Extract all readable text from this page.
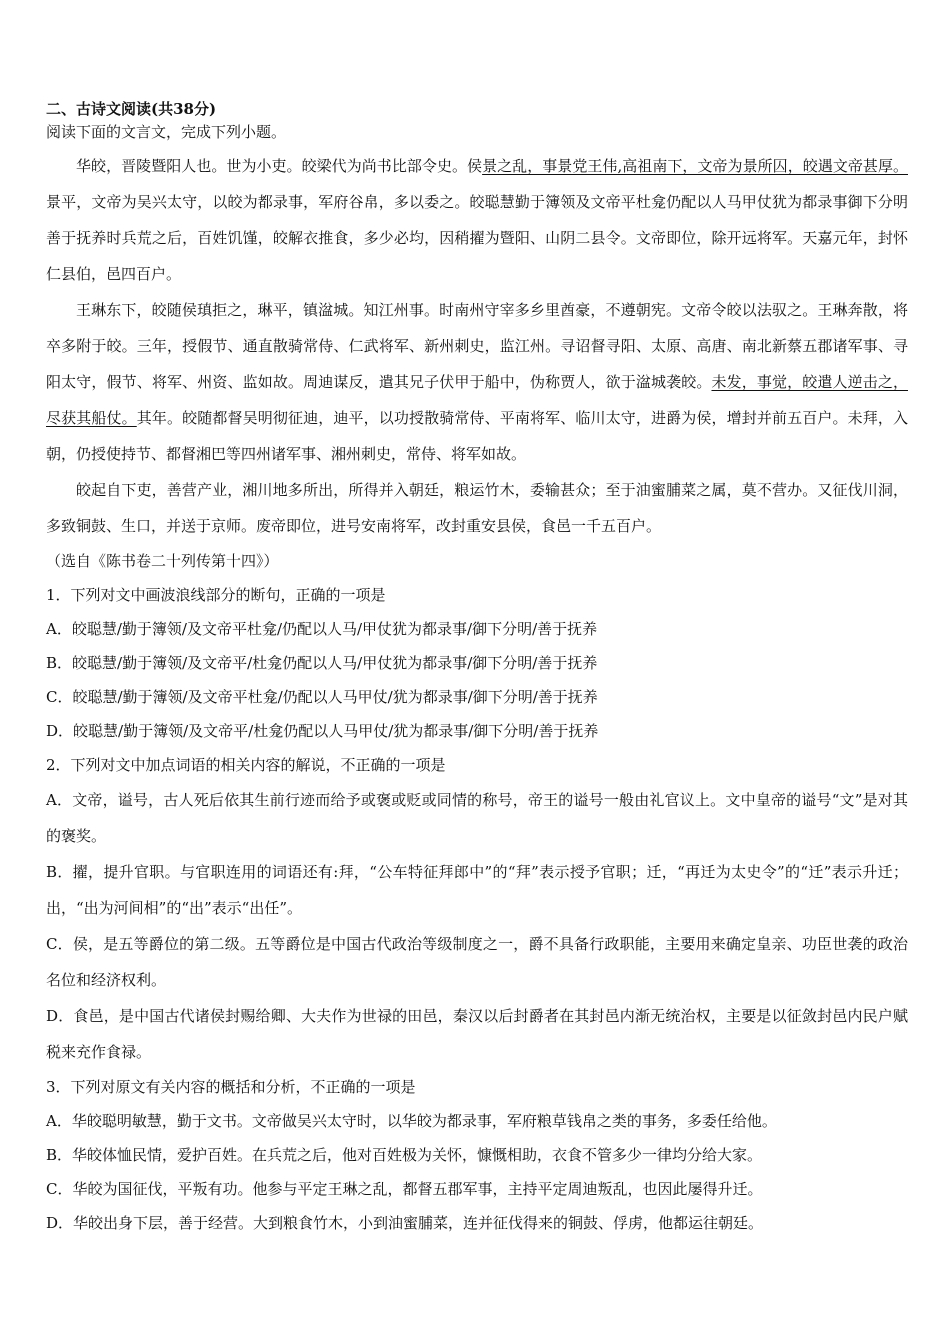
二、古诗文阅读(共38分)

阅读下面的文言文，完成下列小题。

华皎，晋陵暨阳人也。世为小吏。皎梁代为尚书比部令史。侯景之乱，事景党王伟,高祖南下，文帝为景所囚，皎遇文帝甚厚。景平，文帝为吴兴太守，以皎为都录事，军府谷帛，多以委之。皎聪慧勤于簿领及文帝平杜龛仍配以人马甲仗犹为都录事御下分明善于抚养时兵荒之后，百姓饥馑，皎解衣推食，多少必均，因稍擢为暨阳、山阴二县令。文帝即位，除开远将军。天嘉元年，封怀仁县伯，邑四百户。

王琳东下，皎随侯瑱拒之，琳平，镇湓城。知江州事。时南州守宰多乡里酋豪，不遵朝宪。文帝令皎以法驭之。王琳奔散，将卒多附于皎。三年，授假节、通直散骑常侍、仁武将军、新州刺史，监江州。寻诏督寻阳、太原、高唐、南北新蔡五郡诸军事、寻阳太守，假节、将军、州资、监如故。周迪谋反，遣其兄子伏甲于船中，伪称贾人，欲于湓城袭皎。未发，事觉，皎遣人逆击之，尽获其船仗。其年。皎随都督吴明彻征迪，迪平，以功授散骑常侍、平南将军、临川太守，进爵为侯，增封并前五百户。未拜，入朝，仍授使持节、都督湘巴等四州诸军事、湘州刺史，常侍、将军如故。

皎起自下吏，善营产业，湘川地多所出，所得并入朝廷，粮运竹木，委输甚众；至于油蜜脯菜之属，莫不营办。又征伐川洞，多致铜鼓、生口，并送于京师。废帝即位，进号安南将军，改封重安县侯，食邑一千五百户。

（选自《陈书卷二十列传第十四》）

1．下列对文中画波浪线部分的断句，正确的一项是

A．皎聪慧/勤于簿领/及文帝平杜龛/仍配以人马/甲仗犹为都录事/御下分明/善于抚养

B．皎聪慧/勤于簿领/及文帝平/杜龛仍配以人马/甲仗犹为都录事/御下分明/善于抚养

C．皎聪慧/勤于簿领/及文帝平杜龛/仍配以人马甲仗/犹为都录事/御下分明/善于抚养

D．皎聪慧/勤于簿领/及文帝平/杜龛仍配以人马甲仗/犹为都录事/御下分明/善于抚养

2．下列对文中加点词语的相关内容的解说，不正确的一项是

A．文帝，谥号，古人死后依其生前行迹而给予或褒或贬或同情的称号，帝王的谥号一般由礼官议上。文中皇帝的谥号“文”是对其的褒奖。

B．擢，提升官职。与官职连用的词语还有:拜，“公车特征拜郎中”的“拜”表示授予官职；迁，“再迁为太史令”的“迁”表示升迁；出，“出为河间相”的“出”表示“出任”。

C．侯，是五等爵位的第二级。五等爵位是中国古代政治等级制度之一，爵不具备行政职能，主要用来确定皇亲、功臣世袭的政治名位和经济权利。

D．食邑，是中国古代诸侯封赐给卿、大夫作为世禄的田邑，秦汉以后封爵者在其封邑内渐无统治权，主要是以征敛封邑内民户赋税来充作食禄。

3．下列对原文有关内容的概括和分析，不正确的一项是

A．华皎聪明敏慧，勤于文书。文帝做吴兴太守时，以华皎为都录事，军府粮草钱帛之类的事务，多委任给他。

B．华皎体恤民情，爱护百姓。在兵荒之后，他对百姓极为关怀，慷慨相助，衣食不管多少一律均分给大家。

C．华皎为国征伐，平叛有功。他参与平定王琳之乱，都督五郡军事，主持平定周迪叛乱，也因此屡得升迁。

D．华皎出身下层，善于经营。大到粮食竹木，小到油蜜脯菜，连并征伐得来的铜鼓、俘虏，他都运往朝廷。
